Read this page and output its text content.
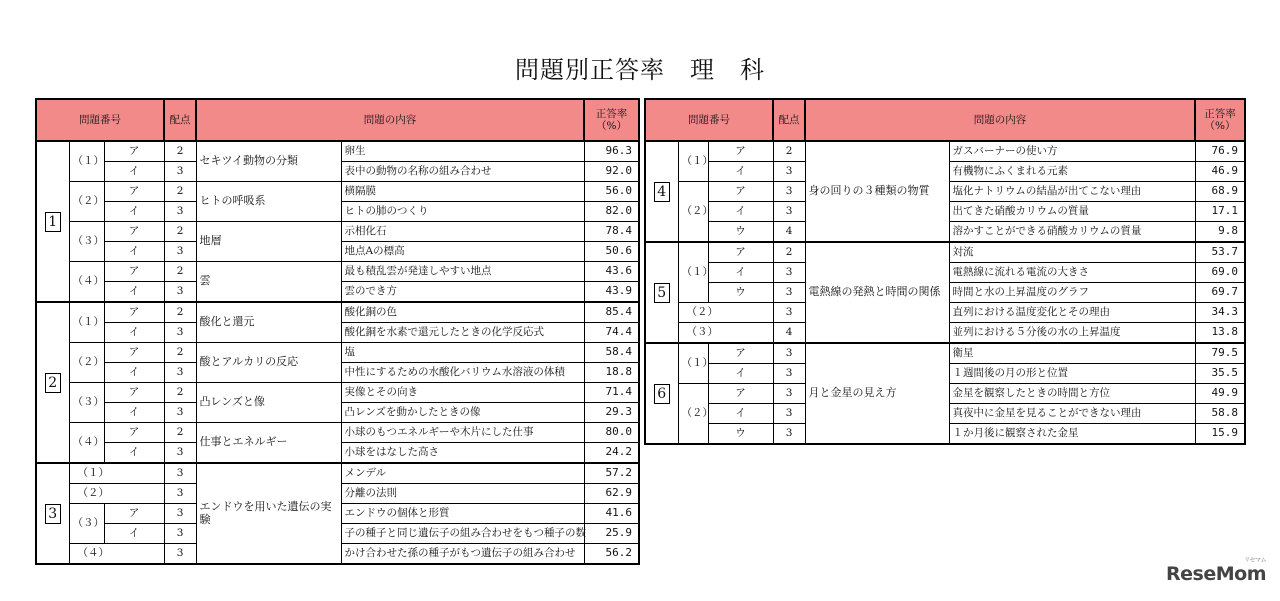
問題別正答率　理　科
問題番号			配点	問題の内容		正答率
（%）
1	（１）	ア	2	セキツイ動物の分類	卵生	96.3
		イ	3		表中の動物の名称の組み合わせ	92.0
	（２）	ア	2	ヒトの呼吸系	横隔膜	56.0
		イ	3		ヒトの肺のつくり	82.0
	（３）	ア	2	地層	示相化石	78.4
		イ	3		地点Aの標高	50.6
	（４）	ア	2	雲	最も積乱雲が発達しやすい地点	43.6
		イ	3		雲のでき方	43.9
2	（１）	ア	2	酸化と還元	酸化銅の色	85.4
		イ	3		酸化銅を水素で還元したときの化学反応式	74.4
	（２）	ア	2	酸とアルカリの反応	塩	58.4
		イ	3		中性にするための水酸化バリウム水溶液の体積	18.8
	（３）	ア	2	凸レンズと像	実像とその向き	71.4
		イ	3		凸レンズを動かしたときの像	29.3
	（４）	ア	2	仕事とエネルギー	小球のもつエネルギーや木片にした仕事	80.0
		イ	3		小球をはなした高さ	24.2
3	（１）		3	エンドウを用いた遺伝の実験	メンデル	57.2
	（２）		3		分離の法則	62.9
	（３）	ア	3		エンドウの個体と形質	41.6
		イ	3		子の種子と同じ遺伝子の組み合わせをもつ種子の数	25.9
	（４）		3		かけ合わせた孫の種子がもつ遺伝子の組み合わせ	56.2
問題番号			配点	問題の内容		正答率
（%）
4	（１）	ア	2	身の回りの３種類の物質	ガスバーナーの使い方	76.9
		イ	3		有機物にふくまれる元素	46.9
	（２）	ア	3		塩化ナトリウムの結晶が出てこない理由	68.9
		イ	3		出てきた硝酸カリウムの質量	17.1
		ウ	4		溶かすことができる硝酸カリウムの質量	9.8
5	（１）	ア	2	電熱線の発熱と時間の関係	対流	53.7
		イ	3		電熱線に流れる電流の大きさ	69.0
		ウ	3		時間と水の上昇温度のグラフ	69.7
	（２）		3		直列における温度変化とその理由	34.3
	（３）		4		並列における５分後の水の上昇温度	13.8
6	（１）	ア	3	月と金星の見え方	衛星	79.5
		イ	3		１週間後の月の形と位置	35.5
	（２）	ア	3		金星を観察したときの時間と方位	49.9
		イ	3		真夜中に金星を見ることができない理由	58.8
		ウ	3		１か月後に観察された金星	15.9
リセマム
ReseMom
